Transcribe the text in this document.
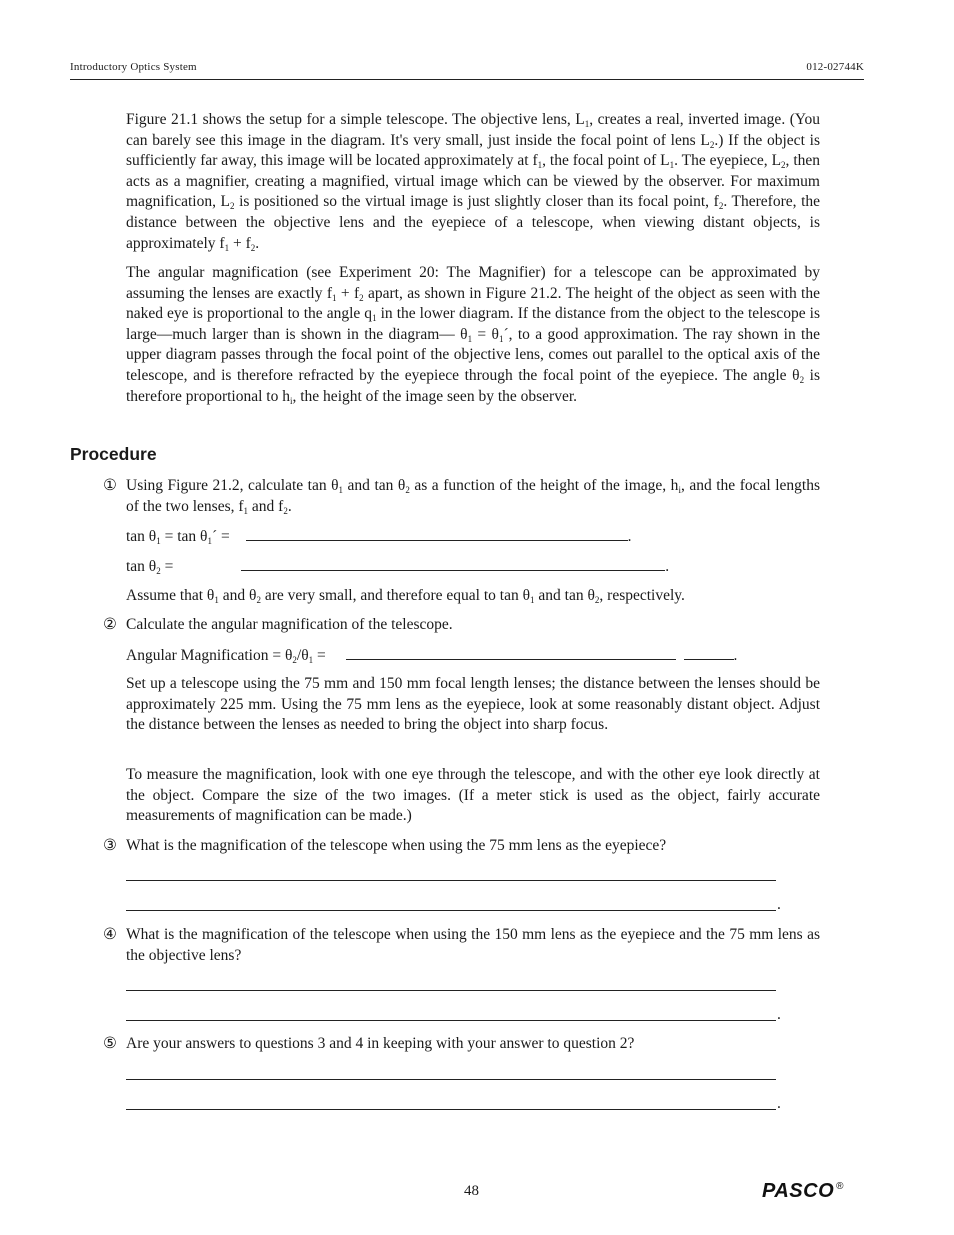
Introductory Optics System	012-02744K

Figure 21.1 shows the setup for a simple telescope. The objective lens, $L_1$, creates a real, inverted image. (You can barely see this image in the diagram. It's very small, just inside the focal point of lens $L_2$.) If the object is sufficiently far away, this image will be located approximately at $f_1$, the focal point of $L_1$. The eyepiece, $L_2$, then acts as a magnifier, creating a magnified, virtual image which can be viewed by the observer. For maximum magnification, $L_2$ is positioned so the virtual image is just slightly closer than its focal point, $f_2$. Therefore, the distance between the objective lens and the eyepiece of a telescope, when viewing distant objects, is approximately $f_1 + f_2$.

The angular magnification (see Experiment 20: The Magnifier) for a telescope can be approximated by assuming the lenses are exactly $f_1 + f_2$ apart, as shown in Figure 21.2. The height of the object as seen with the naked eye is proportional to the angle $q_1$ in the lower diagram. If the distance from the object to the telescope is large—much larger than is shown in the diagram— $\theta_1$ = $\theta_1´$, to a good approximation. The ray shown in the upper diagram passes through the focal point of the objective lens, comes out parallel to the optical axis of the telescope, and is therefore refracted by the eyepiece through the focal point of the eyepiece. The angle $\theta_2$ is therefore proportional to $h_i$, the height of the image seen by the observer.

Procedure
① Using Figure 21.2, calculate $\tan \theta_1$ and $\tan \theta_2$ as a function of the height of the image, $h_i$, and the focal lengths of the two lenses, $f_1$ and $f_2$.

$\tan \theta_1 = \tan$ $\theta_1´$ =	.
$\tan \theta_2$ =	.

Assume that $\theta_1$ and $\theta_2$ are very small, and therefore equal to $\tan \theta_1$ and $\tan \theta_2$, respectively.

② Calculate the angular magnification of the telescope.

Angular Magnification = $\theta_2/\theta_1$ =	.

Set up a telescope using the 75 mm and 150 mm focal length lenses; the distance between the lenses should be approximately 225 mm. Using the 75 mm lens as the eyepiece, look at some reasonably distant object. Adjust the distance between the lenses as needed to bring the object into sharp focus.

To measure the magnification, look with one eye through the telescope, and with the other eye look directly at the object. Compare the size of the two images. (If a meter stick is used as the object, fairly accurate measurements of magnification can be made.)

③ What is the magnification of the telescope when using the 75 mm lens as the eyepiece?

.
④ What is the magnification of the telescope when using the 150 mm lens as the eyepiece and the 75 mm lens as the objective lens?

.
⑤ Are your answers to questions 3 and 4 in keeping with your answer to question 2?

.
48	PASCO ®
